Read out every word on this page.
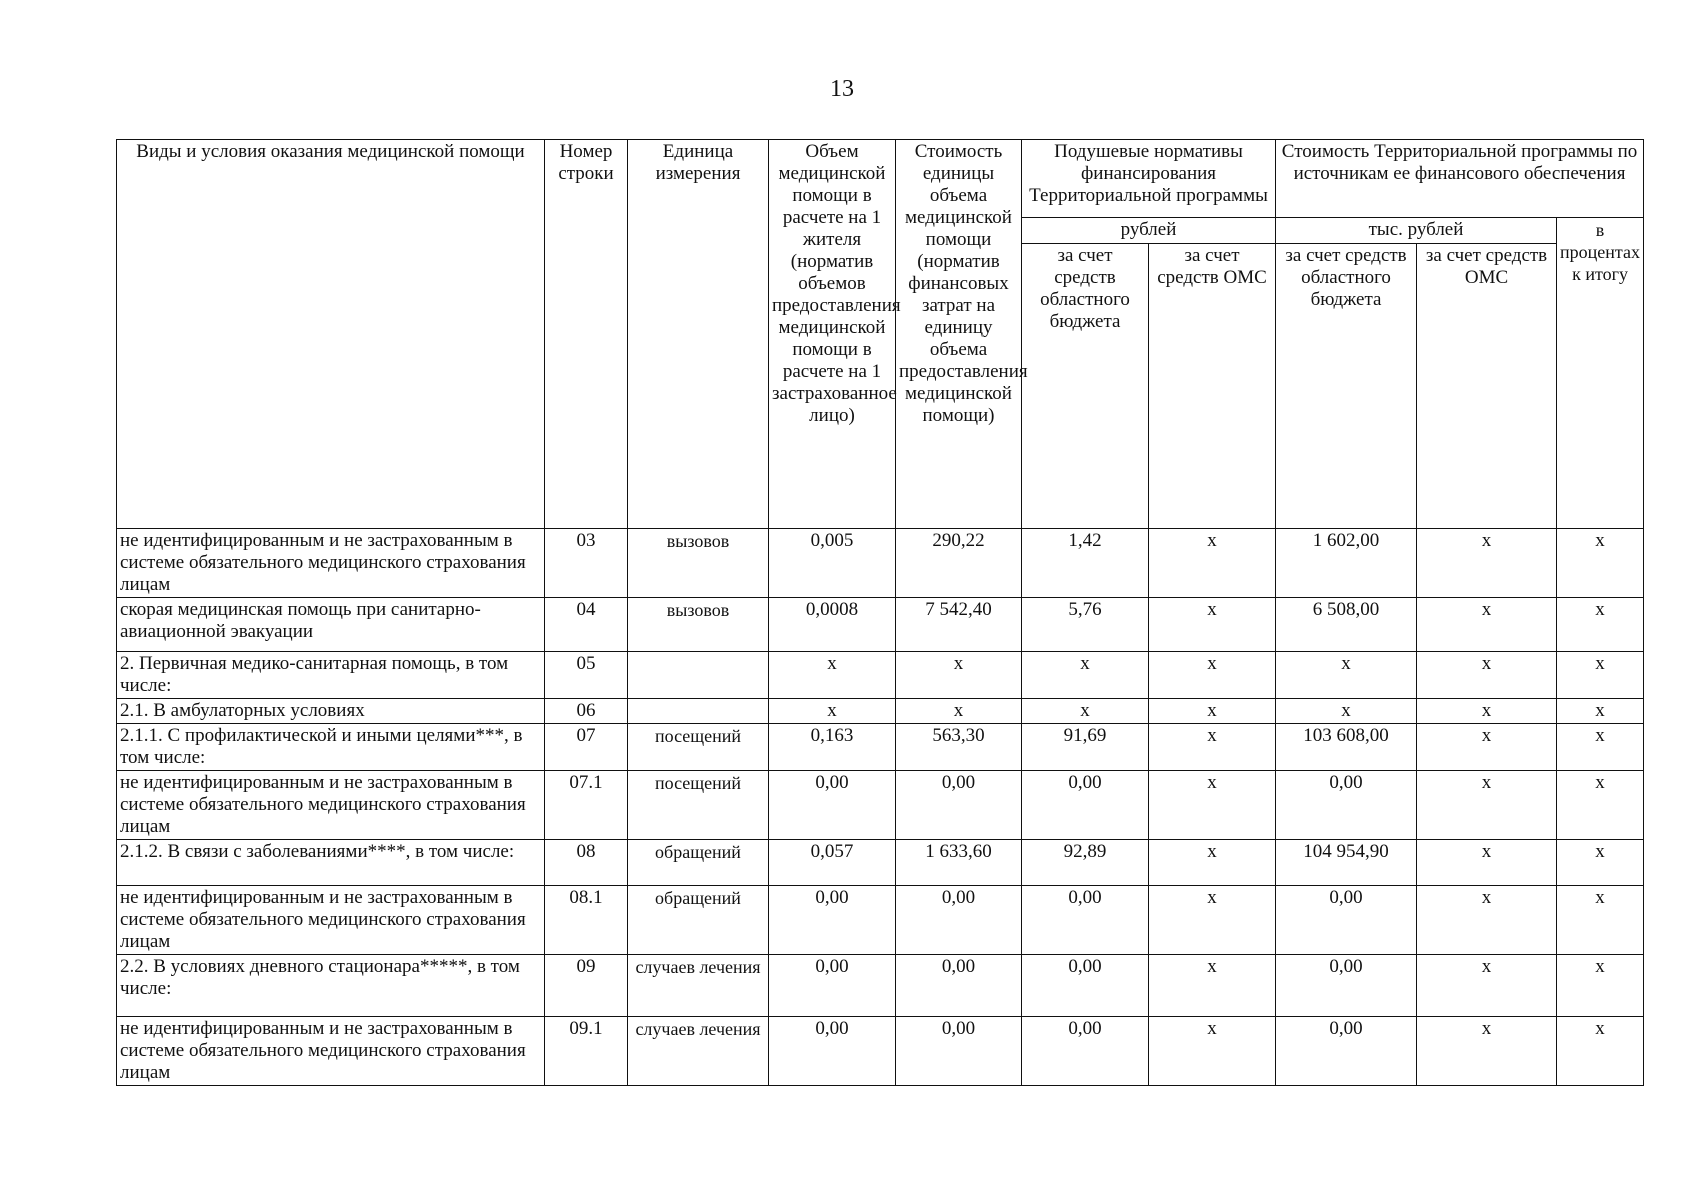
13
Виды и условия оказания медицинской помощи	Номер строки	Единица измерения	Объем медицинской помощи в расчете на 1 жителя (норматив объемов предоставления медицинской помощи в расчете на 1 застрахованное лицо)	Стоимость единицы объема медицинской помощи (норматив финансовых затрат на единицу объема предоставления медицинской помощи)	Подушевые нормативы финансирования Территориальной программы		Стоимость Территориальной программы по источникам ее финансового обеспечения		
					рублей		тыс. рублей		в процентах к итогу
					за счет средств областного бюджета	за счет средств ОМС	за счет средств областного бюджета	за счет средств ОМС	
не идентифицированным и не застрахованным в системе обязательного медицинского страхования лицам	03	вызовов	0,005	290,22	1,42	x	1 602,00	x	x
скорая медицинская помощь при санитарно-авиационной эвакуации	04	вызовов	0,0008	7 542,40	5,76	x	6 508,00	x	x
2. Первичная медико-санитарная помощь, в том числе:	05		x	x	x	x	x	x	x
2.1. В амбулаторных условиях	06		x	x	x	x	x	x	x
2.1.1. С профилактической и иными целями***, в том числе:	07	посещений	0,163	563,30	91,69	x	103 608,00	x	x
не идентифицированным и не застрахованным в системе обязательного медицинского страхования лицам	07.1	посещений	0,00	0,00	0,00	x	0,00	x	x
2.1.2. В связи с заболеваниями****, в том числе:	08	обращений	0,057	1 633,60	92,89	x	104 954,90	x	x
не идентифицированным и не застрахованным в системе обязательного медицинского страхования лицам	08.1	обращений	0,00	0,00	0,00	x	0,00	x	x
2.2. В условиях дневного стационара*****, в том числе:	09	случаев лечения	0,00	0,00	0,00	x	0,00	x	x
не идентифицированным и не застрахованным в системе обязательного медицинского страхования лицам	09.1	случаев лечения	0,00	0,00	0,00	x	0,00	x	x
